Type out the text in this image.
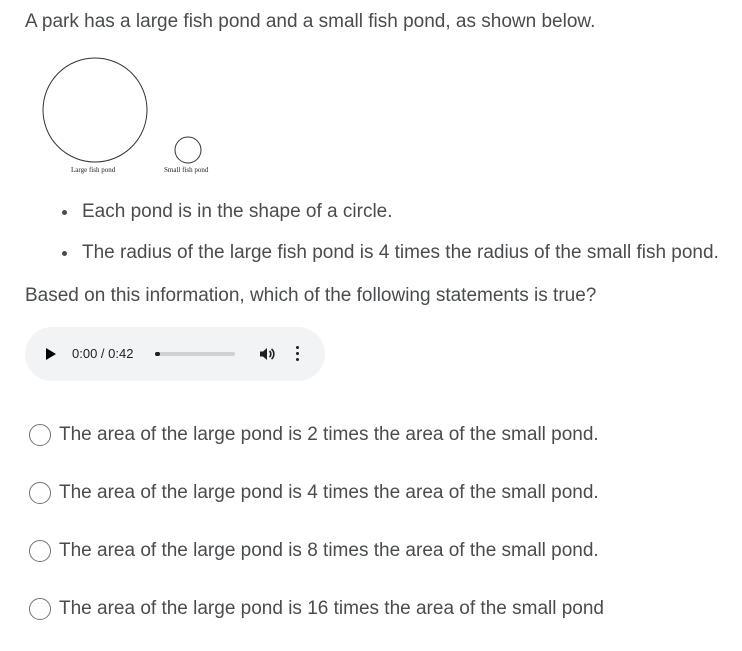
A park has a large fish pond and a small fish pond, as shown below.
Large fish pond	Small fish pond
Each pond is in the shape of a circle.
The radius of the large fish pond is 4 times the radius of the small fish pond.
Based on this information, which of the following statements is true?
0:00 / 0:42
The area of the large pond is 2 times the area of the small pond.
The area of the large pond is 4 times the area of the small pond.
The area of the large pond is 8 times the area of the small pond.
The area of the large pond is 16 times the area of the small pond
